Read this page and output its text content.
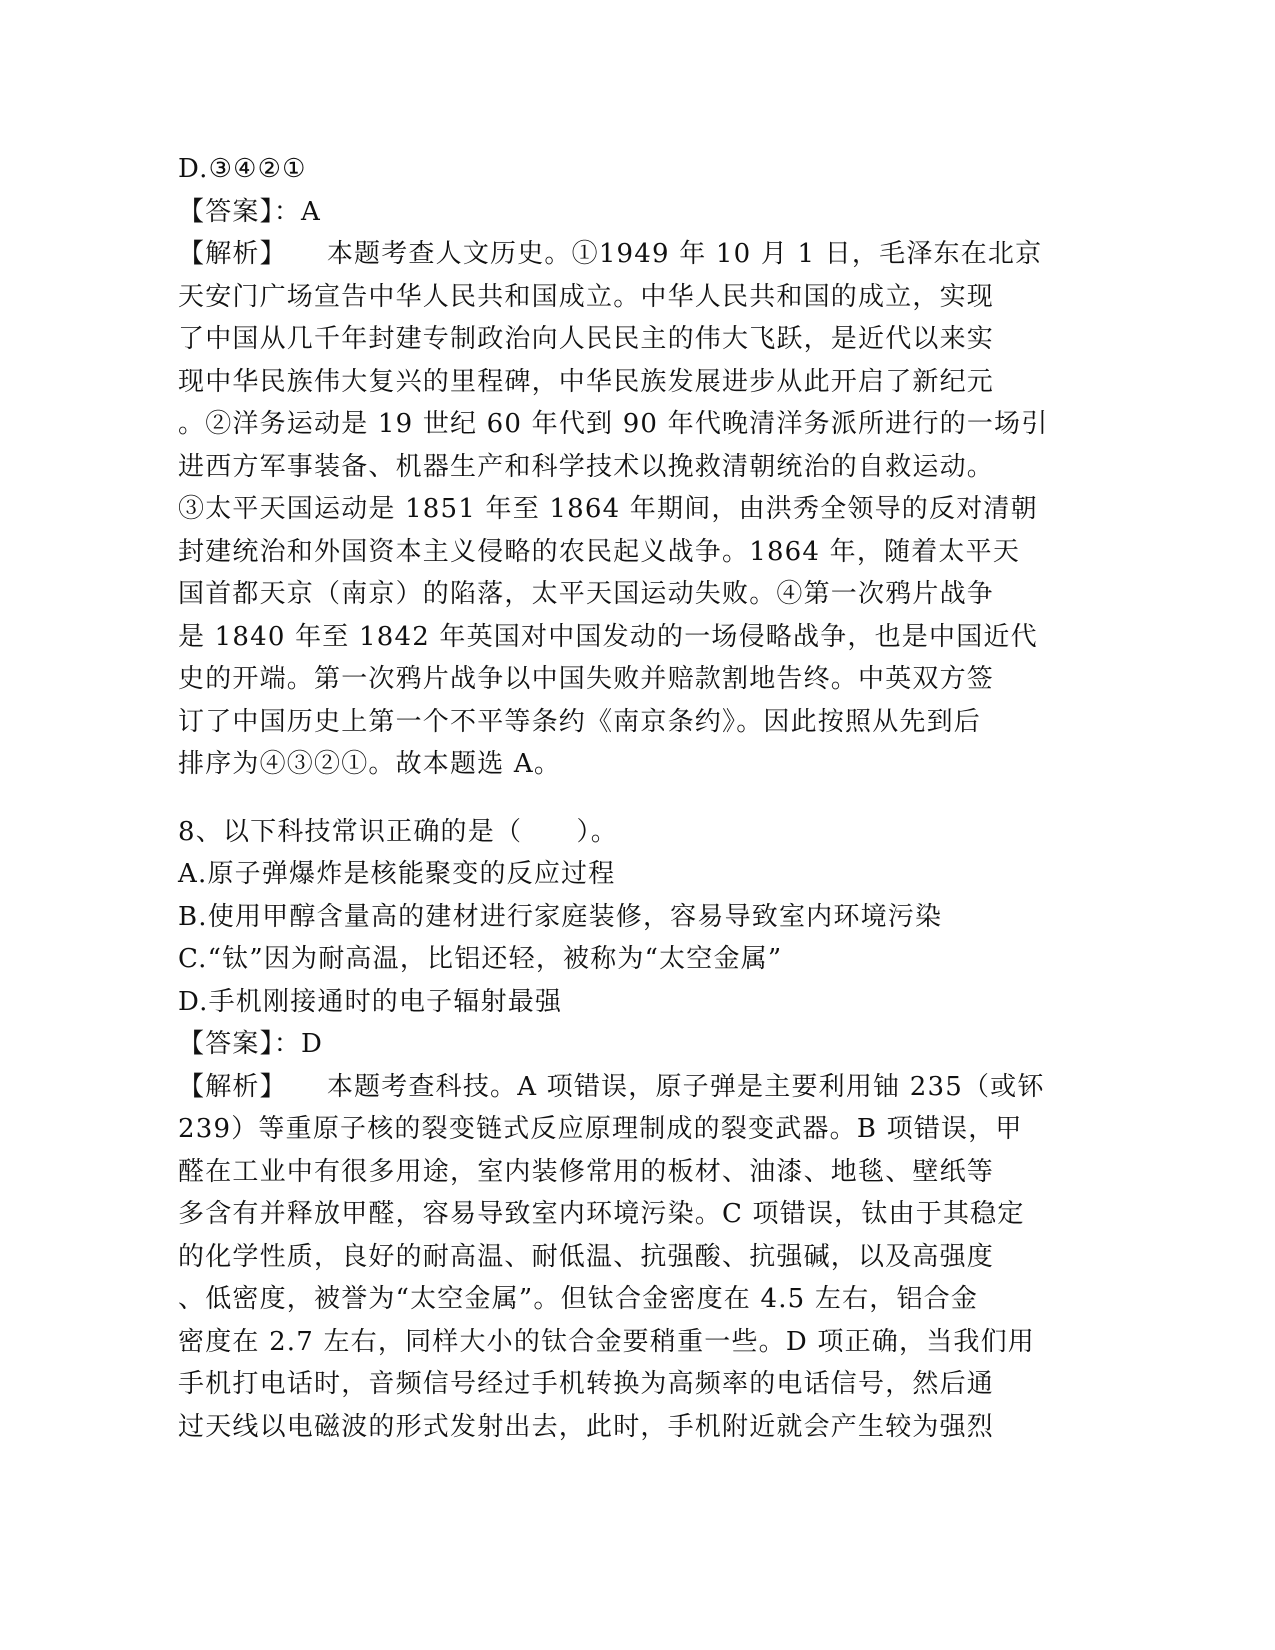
D.③④②①
【答案】：A
【解析】 本题考查人文历史。①1949 年 10 月 1 日，毛泽东在北京
天安门广场宣告中华人民共和国成立。中华人民共和国的成立，实现
了中国从几千年封建专制政治向人民民主的伟大飞跃，是近代以来实
现中华民族伟大复兴的里程碑，中华民族发展进步从此开启了新纪元
。②洋务运动是 19 世纪 60 年代到 90 年代晚清洋务派所进行的一场引
进西方军事装备、机器生产和科学技术以挽救清朝统治的自救运动。
③太平天国运动是 1851 年至 1864 年期间，由洪秀全领导的反对清朝
封建统治和外国资本主义侵略的农民起义战争。1864 年，随着太平天
国首都天京（南京）的陷落，太平天国运动失败。④第一次鸦片战争
是 1840 年至 1842 年英国对中国发动的一场侵略战争，也是中国近代
史的开端。第一次鸦片战争以中国失败并赔款割地告终。中英双方签
订了中国历史上第一个不平等条约《南京条约》。因此按照从先到后
排序为④③②①。故本题选 A。
8、以下科技常识正确的是（　　）。
A.原子弹爆炸是核能聚变的反应过程
B.使用甲醇含量高的建材进行家庭装修，容易导致室内环境污染
C.“钛”因为耐高温，比铝还轻，被称为“太空金属”
D.手机刚接通时的电子辐射最强
【答案】：D
【解析】 本题考查科技。A 项错误，原子弹是主要利用铀 235（或钚
239）等重原子核的裂变链式反应原理制成的裂变武器。B 项错误，甲
醛在工业中有很多用途，室内装修常用的板材、油漆、地毯、壁纸等
多含有并释放甲醛，容易导致室内环境污染。C 项错误，钛由于其稳定
的化学性质，良好的耐高温、耐低温、抗强酸、抗强碱，以及高强度
、低密度，被誉为“太空金属”。但钛合金密度在 4.5 左右，铝合金
密度在 2.7 左右，同样大小的钛合金要稍重一些。D 项正确，当我们用
手机打电话时，音频信号经过手机转换为高频率的电话信号，然后通
过天线以电磁波的形式发射出去，此时，手机附近就会产生较为强烈
